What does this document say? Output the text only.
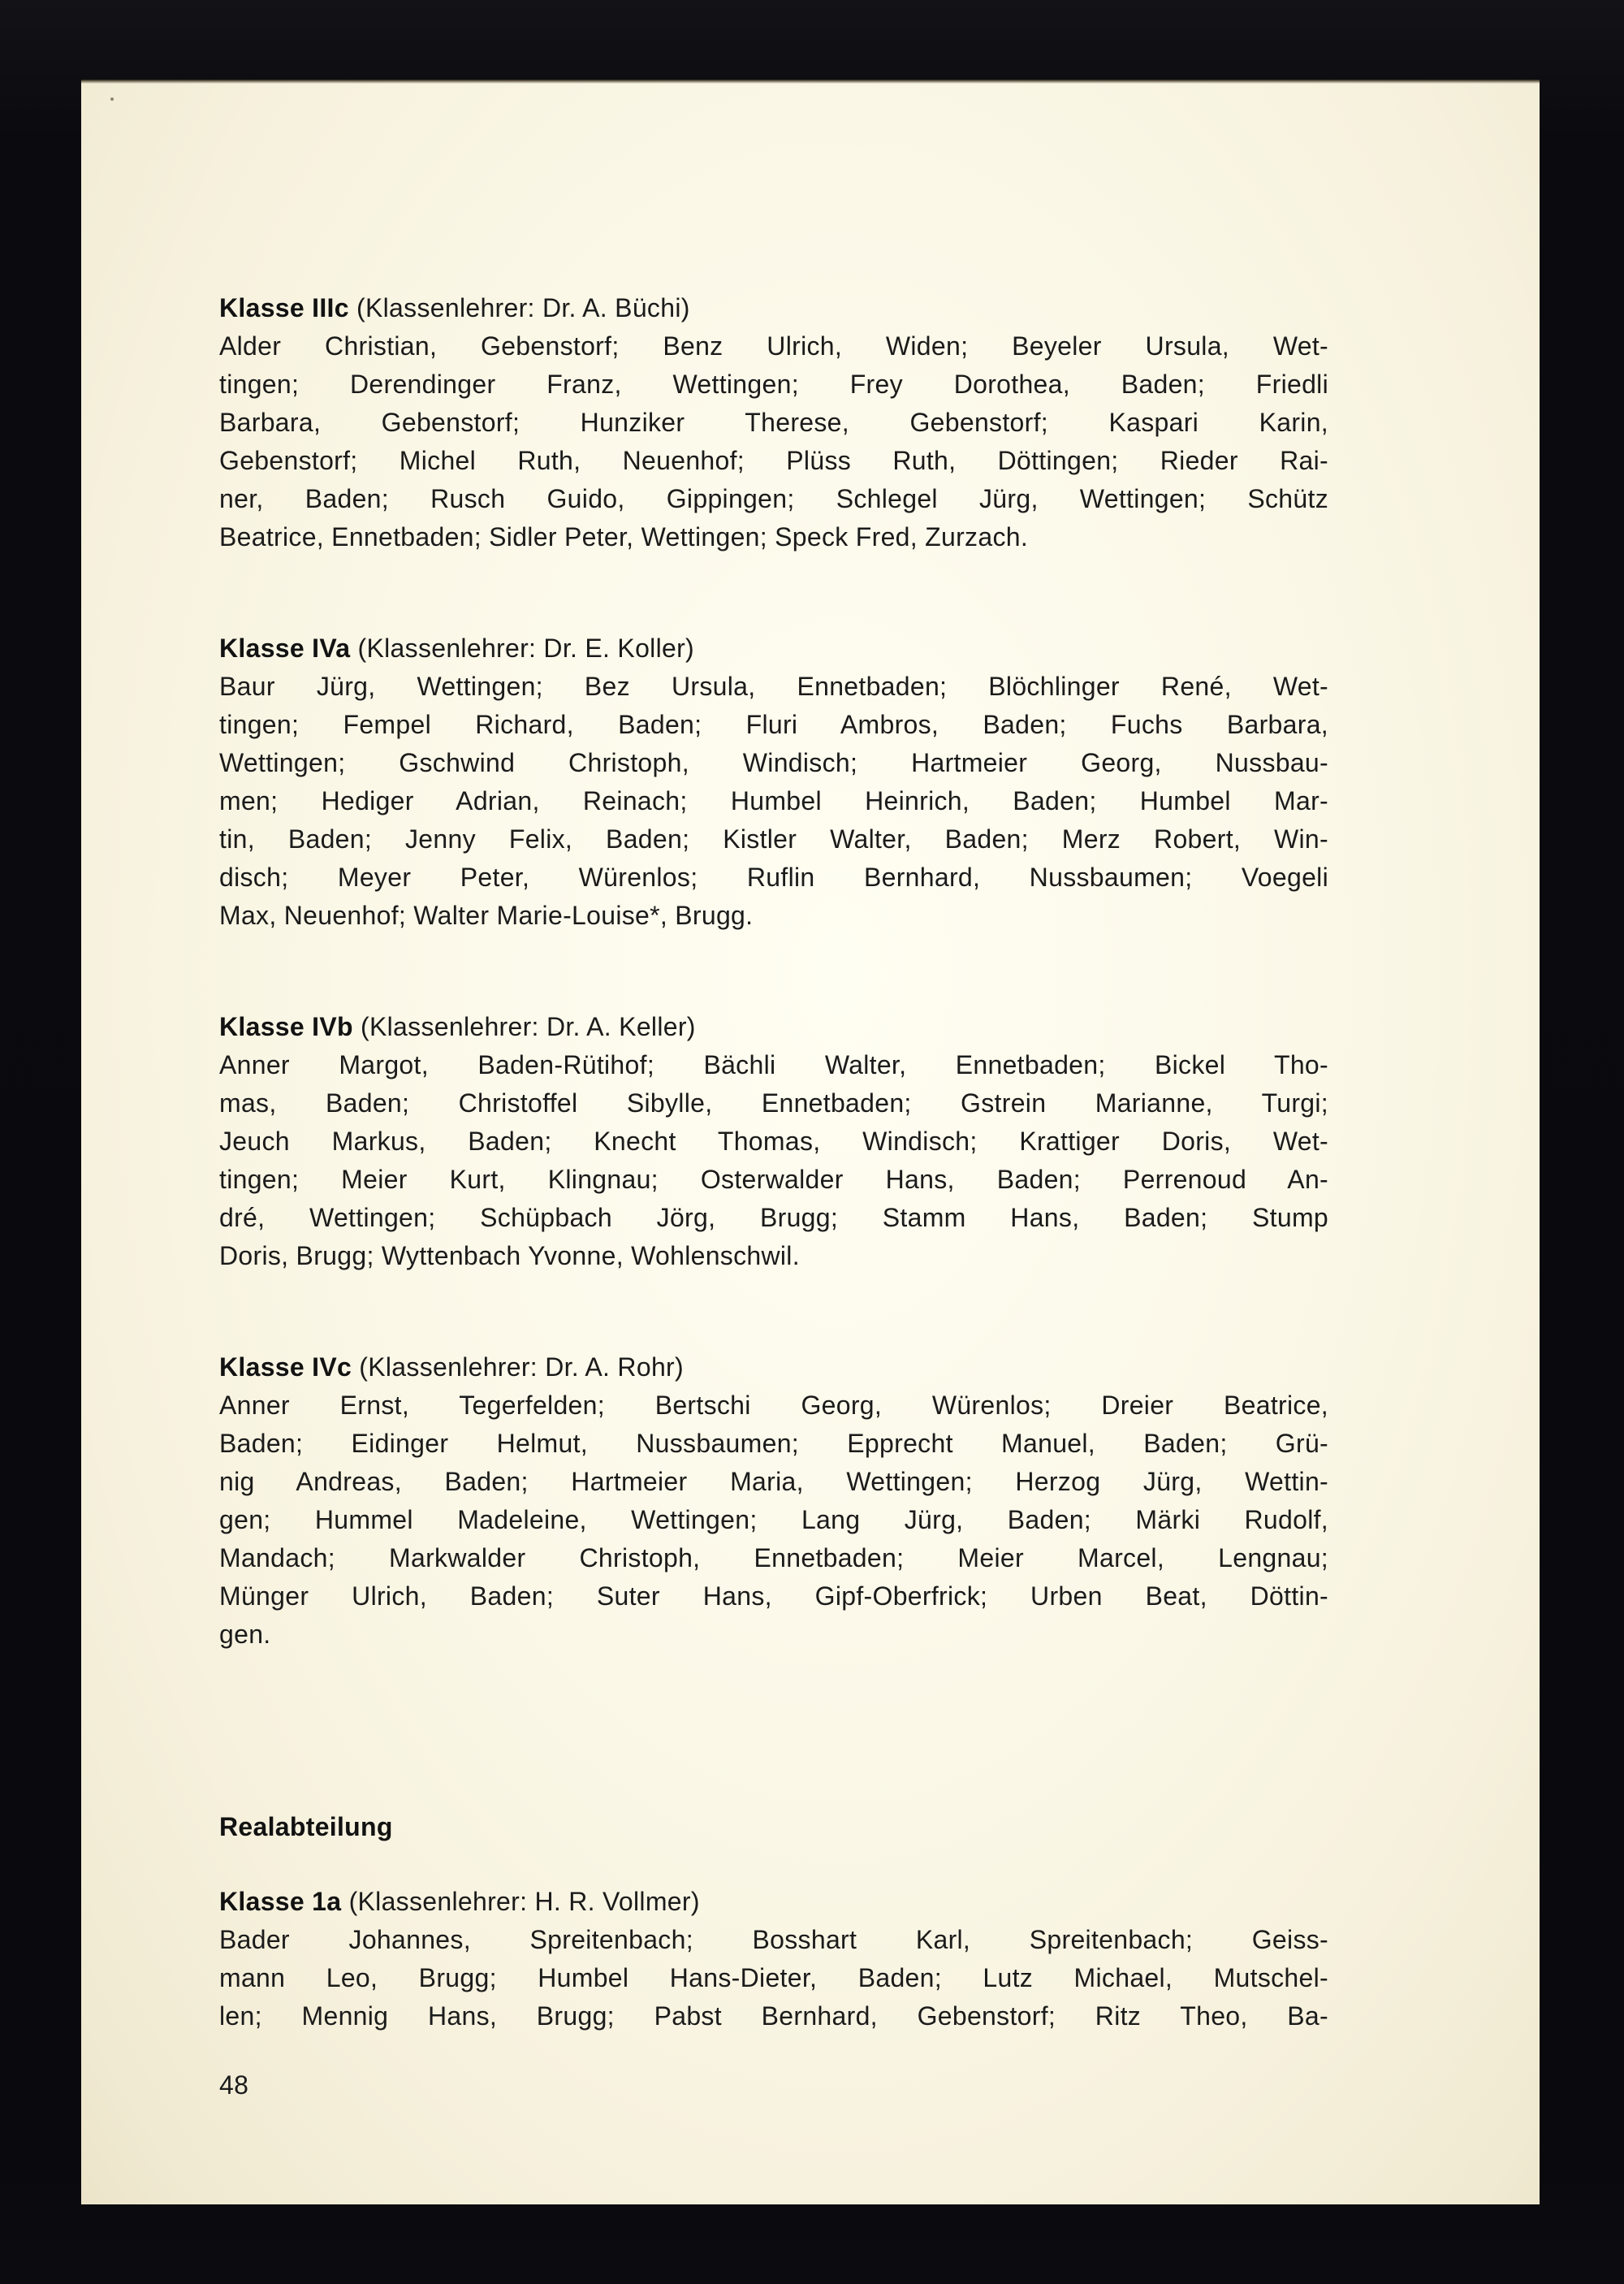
Klasse IIIc (Klassenlehrer: Dr. A. Büchi)
Alder Christian, Gebenstorf; Benz Ulrich, Widen; Beyeler Ursula, Wet-
tingen; Derendinger Franz, Wettingen; Frey Dorothea, Baden; Friedli
Barbara, Gebenstorf; Hunziker Therese, Gebenstorf; Kaspari Karin,
Gebenstorf; Michel Ruth, Neuenhof; Plüss Ruth, Döttingen; Rieder Rai-
ner, Baden; Rusch Guido, Gippingen; Schlegel Jürg, Wettingen; Schütz
Beatrice, Ennetbaden; Sidler Peter, Wettingen; Speck Fred, Zurzach.
Klasse IVa (Klassenlehrer: Dr. E. Koller)
Baur Jürg, Wettingen; Bez Ursula, Ennetbaden; Blöchlinger René, Wet-
tingen; Fempel Richard, Baden; Fluri Ambros, Baden; Fuchs Barbara,
Wettingen; Gschwind Christoph, Windisch; Hartmeier Georg, Nussbau-
men; Hediger Adrian, Reinach; Humbel Heinrich, Baden; Humbel Mar-
tin, Baden; Jenny Felix, Baden; Kistler Walter, Baden; Merz Robert, Win-
disch; Meyer Peter, Würenlos; Ruflin Bernhard, Nussbaumen; Voegeli
Max, Neuenhof; Walter Marie-Louise*, Brugg.
Klasse IVb (Klassenlehrer: Dr. A. Keller)
Anner Margot, Baden-Rütihof; Bächli Walter, Ennetbaden; Bickel Tho-
mas, Baden; Christoffel Sibylle, Ennetbaden; Gstrein Marianne, Turgi;
Jeuch Markus, Baden; Knecht Thomas, Windisch; Krattiger Doris, Wet-
tingen; Meier Kurt, Klingnau; Osterwalder Hans, Baden; Perrenoud An-
dré, Wettingen; Schüpbach Jörg, Brugg; Stamm Hans, Baden; Stump
Doris, Brugg; Wyttenbach Yvonne, Wohlenschwil.
Klasse IVc (Klassenlehrer: Dr. A. Rohr)
Anner Ernst, Tegerfelden; Bertschi Georg, Würenlos; Dreier Beatrice,
Baden; Eidinger Helmut, Nussbaumen; Epprecht Manuel, Baden; Grü-
nig Andreas, Baden; Hartmeier Maria, Wettingen; Herzog Jürg, Wettin-
gen; Hummel Madeleine, Wettingen; Lang Jürg, Baden; Märki Rudolf,
Mandach; Markwalder Christoph, Ennetbaden; Meier Marcel, Lengnau;
Münger Ulrich, Baden; Suter Hans, Gipf-Oberfrick; Urben Beat, Döttin-
gen.
Realabteilung
Klasse 1a (Klassenlehrer: H. R. Vollmer)
Bader Johannes, Spreitenbach; Bosshart Karl, Spreitenbach; Geiss-
mann Leo, Brugg; Humbel Hans-Dieter, Baden; Lutz Michael, Mutschel-
len; Mennig Hans, Brugg; Pabst Bernhard, Gebenstorf; Ritz Theo, Ba-
48
